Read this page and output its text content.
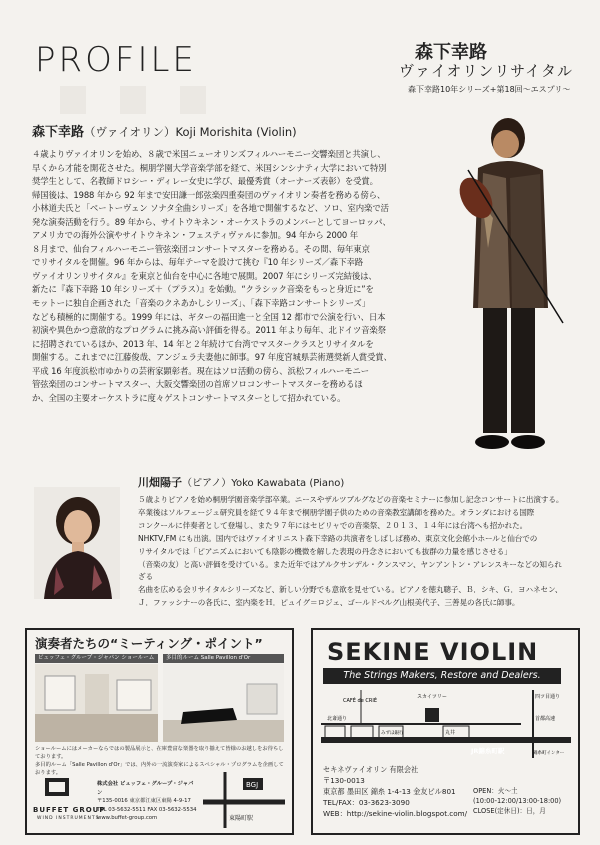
PROFILE	森下幸路
ヴァイオリンリサイタル
森下幸路10年シリーズ+第18回～エスプリ～
森下幸路（ヴァイオリン）Koji Morishita (Violin)

４歳よりヴァイオリンを始め、８歳で米国ニューオリンズフィルハーモニー交響楽団と共演し、

早くから才能を開花させた。桐朋学園大学音楽学部を経て、米国シンシナティ大学において特別

奨学生として、名教師ドロシー・ディレー女史に学び、最優秀賞（オーナーズ表彰）を受賞。

帰国後は、1988 年から 92 年まで安田謙一郎弦楽四重奏団のヴァイオリン奏者を務める傍ら、

小林道夫氏と「ベートーヴェン ソナタ全曲シリーズ」を各地で開催するなど、ソロ、室内楽で活

発な演奏活動を行う。89 年から、サイトウキネン・オーケストラのメンバーとしてヨーロッパ、

アメリカでの海外公演やサイトウキネン・フェスティヴァルに参加。94 年から 2000 年

８月まで、仙台フィルハーモニー管弦楽団コンサートマスターを務める。その間、毎年東京

でリサイタルを開催。96 年からは、毎年テーマを設けて挑む『10 年シリーズ／森下幸路

ヴァイオリンリサイタル』を東京と仙台を中心に各地で展開。2007 年にシリーズ完結後は、

新たに『森下幸路 10 年シリーズ＋（プラス）』を始動。“クラシック音楽をもっと身近に”を

モットーに独自企画された「音楽のクネあかしシリーズ」、「森下幸路コンサートシリーズ」

なども積極的に開催する。1999 年には、ギターの福田進一と全国 12 都市で公演を行い、日本

初演や異色かつ意欲的なプログラムに挑み高い評価を得る。2011 年より毎年、北ドイツ音楽祭

に招聘されているほか、2013 年、14 年と２年続けて台湾でマスタークラスとリサイタルを

開催する。これまでに江藤俊哉、アンジェラ夫妻他に師事。97 年度宮城県芸術選奨新人賞受賞、

平成 16 年度浜松市ゆかりの芸術家顕彰者。現在はソロ活動の傍ら、浜松フィルハーモニー

管弦楽団のコンサートマスター、大阪交響楽団の首席ソロコンサートマスターを務めるほ

か、全国の主要オーケストラに度々ゲストコンサートマスターとして招かれている。

川畑陽子（ピアノ）Yoko Kawabata (Piano)

５歳よりピアノを始め桐朋学園音楽学部卒業。ニースやザルツブルグなどの音楽セミナーに参加し記念コンサートに出演する。

卒業後はソルフェージュ研究員を経て９４年まで桐朋学園子供のための音楽教室講師を務めた。オランダにおける国際

コンクールに伴奏者として登場し、また９７年にはセビリャでの音楽祭、２０１３、１４年には台湾へも招かれた。

NHKTV,FM にも出演。国内ではヴァイオリニスト森下幸路の共演者をしばしば務め、東京文化会館小ホールと仙台での

リサイタルでは「ピアニズムにおいても陰影の機微を解した表現の丹念さにおいても抜群の力量を感じさせる」

（音楽の友）と高い評価を受けている。また近年ではアルクサンデル・クンスマン、ヤンアントン・アレンスキーなどの知られざる

名曲を広める会リサイタルシリーズなど、新しい分野でも意欲を見せている。ピアノを徳丸聰子、Ｂ．シキ、Ｇ．ヨハネセン、

Ｊ．ファッシナーの各氏に、室内楽をＨ．ピュイグ＝ロジェ、ゴールドベルグ山根美代子、三善晃の各氏に師事。

演奏者たちの“ミーティング・ポイント”
ビュッフェ・グループ・ジャパン ショールーム	多目的ルーム Salle Pavillon d'Or
ショールームにはメーカーならではの製品展示と、在庫豊富な楽器を取り揃えて皆様のお越しをお待ちしております。
多目的ルーム「Salle Pavillon d'Or」では、内外の一流演奏家によるスペシャル・プログラムを企画しております。
BUFFET GROUP
WIND INSTRUMENTS
株式会社 ビュッフェ・グループ・ジャパン
〒135-0016 東京都江東区東陽 4-9-17
TEL 03-5632-5511 FAX 03-5632-5534
www.buffet-group.com
BGJ
東陽町駅
SEKINE VIOLIN
The Strings Makers, Restore and Dealers.
CAFÉ de CRIÉ
北斎通り
JR錦糸町駅
四ツ目通り
首都高速
錦糸町インター
スカイツリー
丸井
みずほ銀行
セキネヴァイオリン 有限会社
〒130-0013
東京都 墨田区 錦糸 1-4-13 金友ビル801
TEL/FAX：03-3623-3090
WEB：http://sekine-violin.blogspot.com/
OPEN：火～土
(10:00-12:00/13:00-18:00)
CLOSE(定休日)：日，月
